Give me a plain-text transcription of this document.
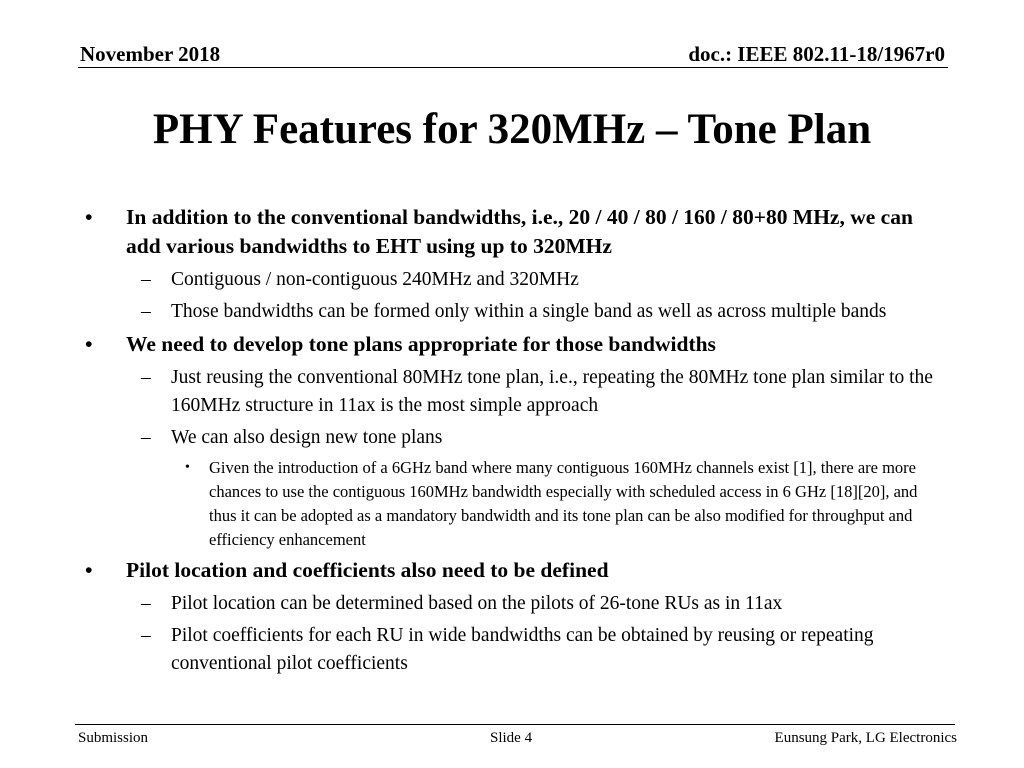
November 2018	doc.: IEEE 802.11-18/1967r0
PHY Features for 320MHz – Tone Plan
• In addition to the conventional bandwidths, i.e., 20 / 40 / 80 / 160 / 80+80 MHz, we can add various bandwidths to EHT using up to 320MHz
– Contiguous / non-contiguous 240MHz and 320MHz
– Those bandwidths can be formed only within a single band as well as across multiple bands
• We need to develop tone plans appropriate for those bandwidths
– Just reusing the conventional 80MHz tone plan, i.e., repeating the 80MHz tone plan similar to the 160MHz structure in 11ax is the most simple approach
– We can also design new tone plans
• Given the introduction of a 6GHz band where many contiguous 160MHz channels exist [1], there are more chances to use the contiguous 160MHz bandwidth especially with scheduled access in 6 GHz [18][20], and thus it can be adopted as a mandatory bandwidth and its tone plan can be also modified for throughput and efficiency enhancement
• Pilot location and coefficients also need to be defined
– Pilot location can be determined based on the pilots of 26-tone RUs as in 11ax
– Pilot coefficients for each RU in wide bandwidths can be obtained by reusing or repeating conventional pilot coefficients
Submission	Slide 4	Eunsung Park, LG Electronics
